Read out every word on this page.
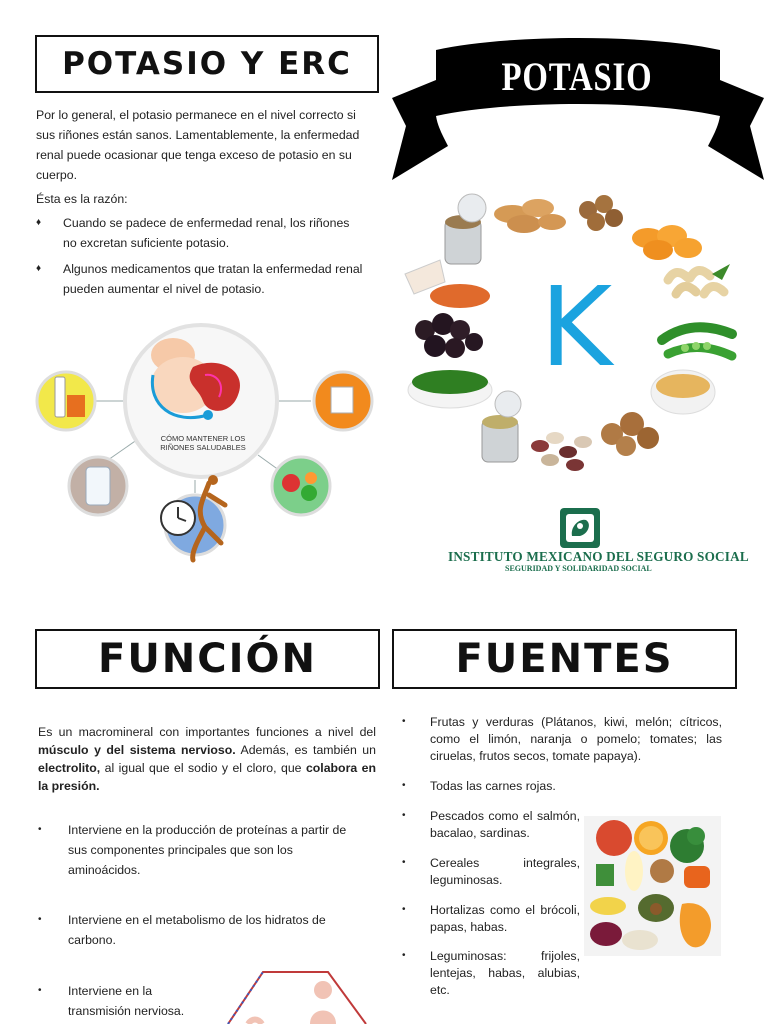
POTASIO Y ERC

Por lo general, el potasio permanece en el nivel correcto si sus riñones están sanos. Lamentablemente, la enfermedad renal puede ocasionar que tenga exceso de potasio en su cuerpo.

Ésta es la razón:

♦ Cuando se padece de enfermedad renal, los riñones no excretan suficiente potasio.
♦ Algunos medicamentos que tratan la enfermedad renal pueden aumentar el nivel de potasio.
CÓMO MANTENER LOS RIÑONES SALUDABLES
POTASIO
K
INSTITUTO MEXICANO DEL SEGURO SOCIAL
SEGURIDAD Y SOLIDARIDAD SOCIAL
FUNCIÓN
Es un macromineral con importantes funciones a nivel del músculo y del sistema nervioso. Además, es también un electrolito, al igual que el sodio y el cloro, que colabora en la presión.
• Interviene en la producción de proteínas a partir de sus componentes principales que son los aminoácidos.
• Interviene en el metabolismo de los hidratos de carbono.
• Interviene en la transmisión nerviosa.
FUENTES
• Frutas y verduras (Plátanos, kiwi, melón; cítricos, como el limón, naranja o pomelo; tomates; las ciruelas, frutos secos, tomate papaya).
• Todas las carnes rojas.
• Pescados como el salmón, bacalao, sardinas.
• Cereales integrales, leguminosas.
• Hortalizas como el brócoli, papas, habas.
• Leguminosas: frijoles, lentejas, habas, alubias, etc.
